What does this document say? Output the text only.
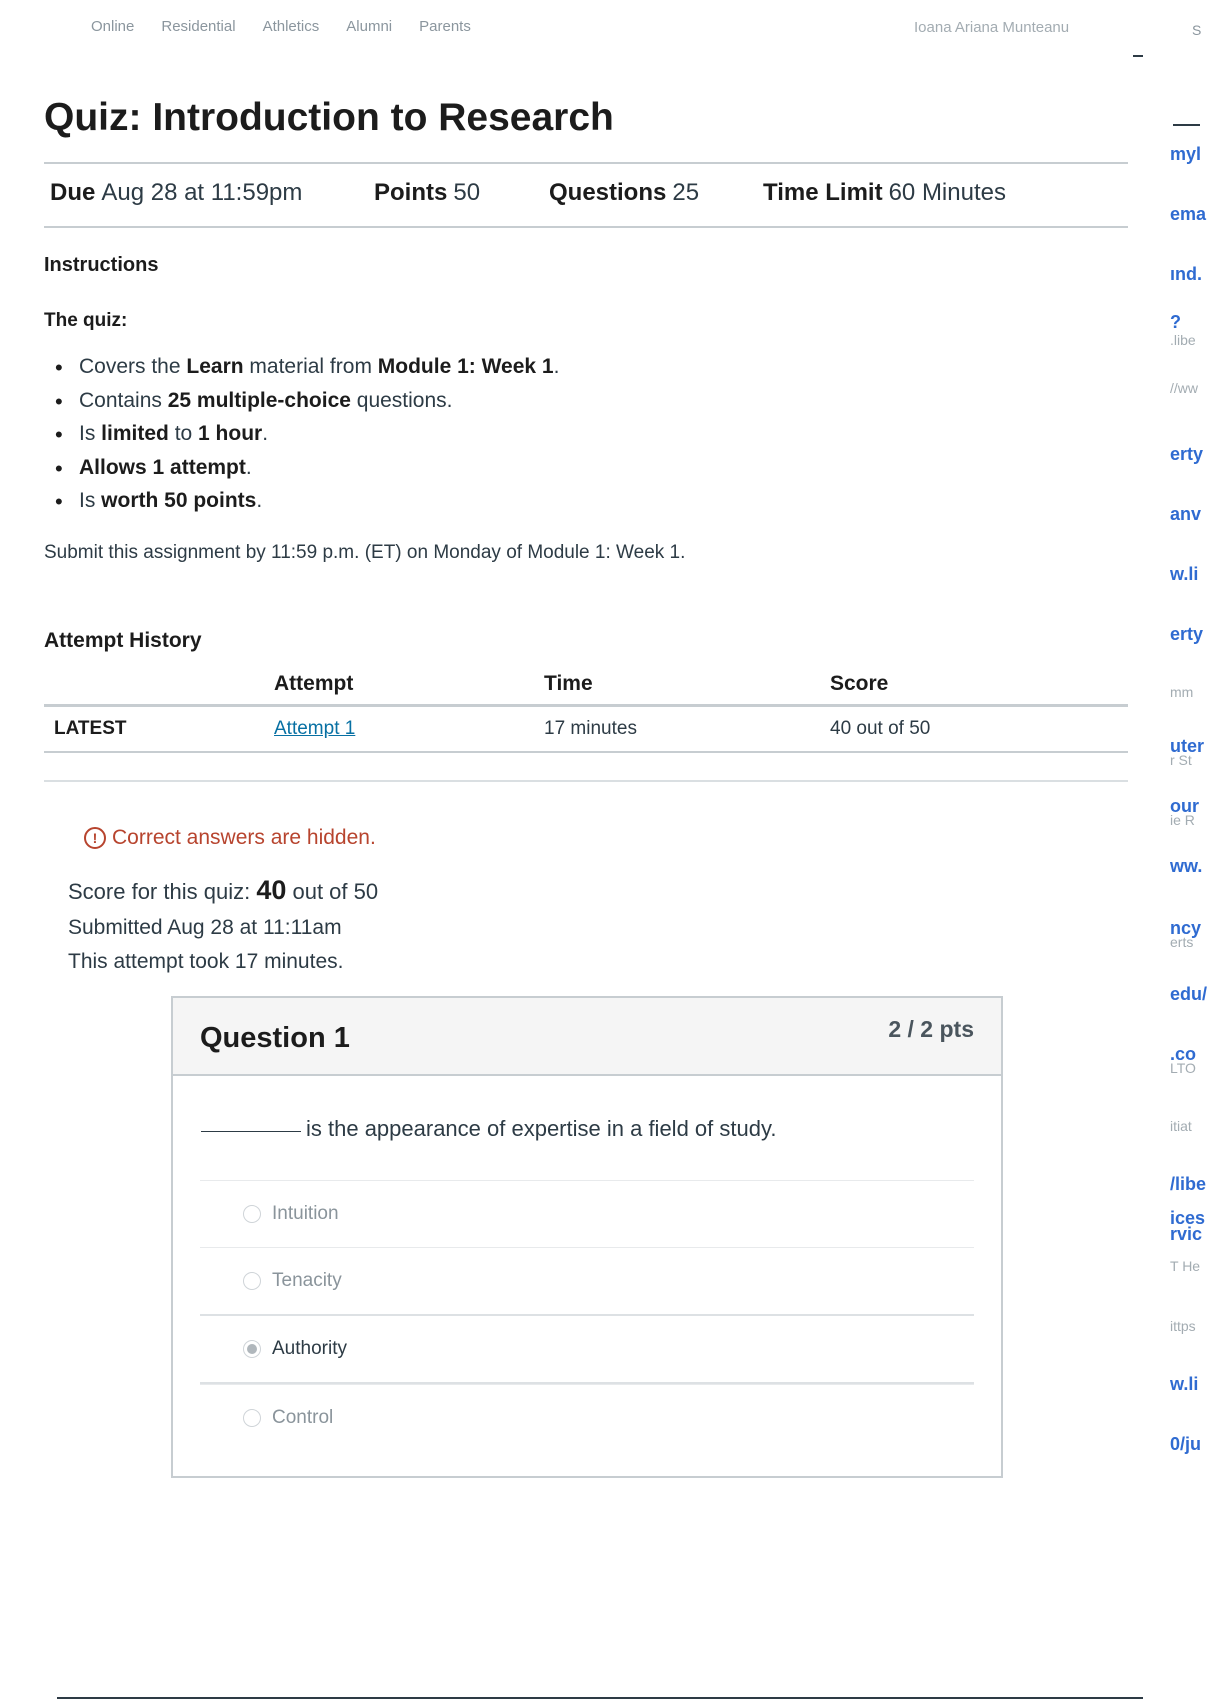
Online Residential Athletics Alumni Parents	Ioana Ariana Munteanu	S
Quiz: Introduction to Research
Due Aug 28 at 11:59pm	Points 50	Questions 25	Time Limit 60 Minutes
Instructions
The quiz:
• Covers the Learn material from Module 1: Week 1.
• Contains 25 multiple-choice questions.
• Is limited to 1 hour.
• Allows 1 attempt.
• Is worth 50 points.
Submit this assignment by 11:59 p.m. (ET) on Monday of Module 1: Week 1.
Attempt History
	Attempt	Time	Score
LATEST	Attempt 1	17 minutes	40 out of 50
! Correct answers are hidden.
Score for this quiz: 40 out of 50
Submitted Aug 28 at 11:11am
This attempt took 17 minutes.
Question 1	2 / 2 pts
is the appearance of expertise in a field of study.
Intuition
Tenacity
Authority
Control
myl
ema
ınd.
?
.libe
//ww
erty
anv
w.li
erty
mm
uter
r St
our
ie R
ww.
ncy
erts
edu/
.co
LTO
itiat
/libe
ices
rvic
T He
ittps
w.li
0/ju
